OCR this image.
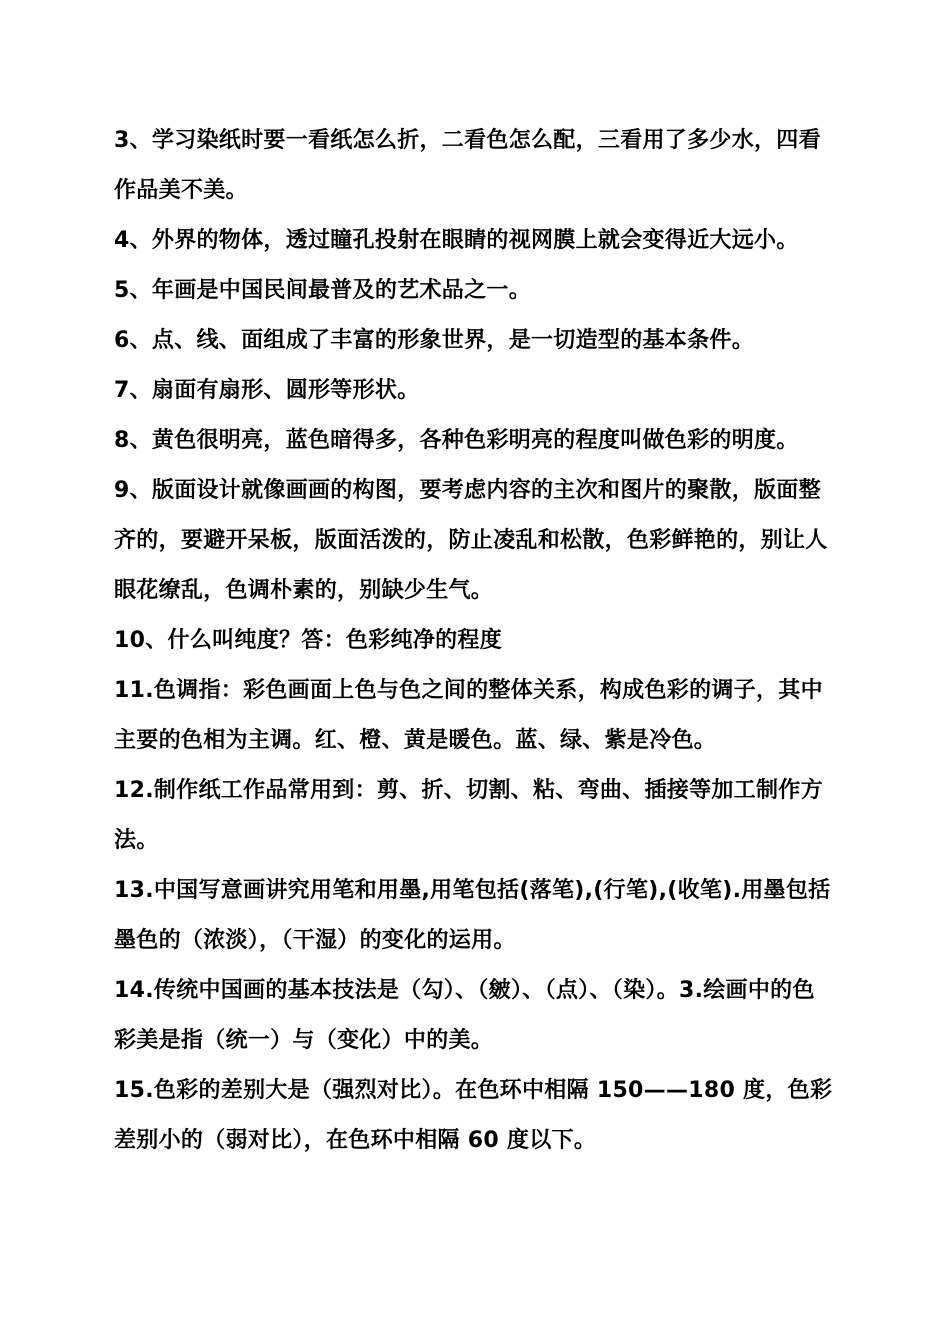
3、学习染纸时要一看纸怎么折，二看色怎么配，三看用了多少水，四看作品美不美。

4、外界的物体，透过瞳孔投射在眼睛的视网膜上就会变得近大远小。

5、年画是中国民间最普及的艺术品之一。

6、点、线、面组成了丰富的形象世界，是一切造型的基本条件。

7、扇面有扇形、圆形等形状。

8、黄色很明亮，蓝色暗得多，各种色彩明亮的程度叫做色彩的明度。

9、版面设计就像画画的构图，要考虑内容的主次和图片的聚散，版面整齐的，要避开呆板，版面活泼的，防止凌乱和松散，色彩鲜艳的，别让人眼花缭乱，色调朴素的，别缺少生气。

10、什么叫纯度？答：色彩纯净的程度

11.色调指：彩色画面上色与色之间的整体关系，构成色彩的调子，其中主要的色相为主调。红、橙、黄是暖色。蓝、绿、紫是冷色。

12.制作纸工作品常用到：剪、折、切割、粘、弯曲、插接等加工制作方法。

13.中国写意画讲究用笔和用墨,用笔包括(落笔),(行笔),(收笔).用墨包括墨色的（浓淡），（干湿）的变化的运用。

14.传统中国画的基本技法是（勾）、（皴）、（点）、（染）。3.绘画中的色彩美是指（统一）与（变化）中的美。

15.色彩的差别大是（强烈对比）。在色环中相隔 150——180 度，色彩差别小的（弱对比），在色环中相隔 60 度以下。
